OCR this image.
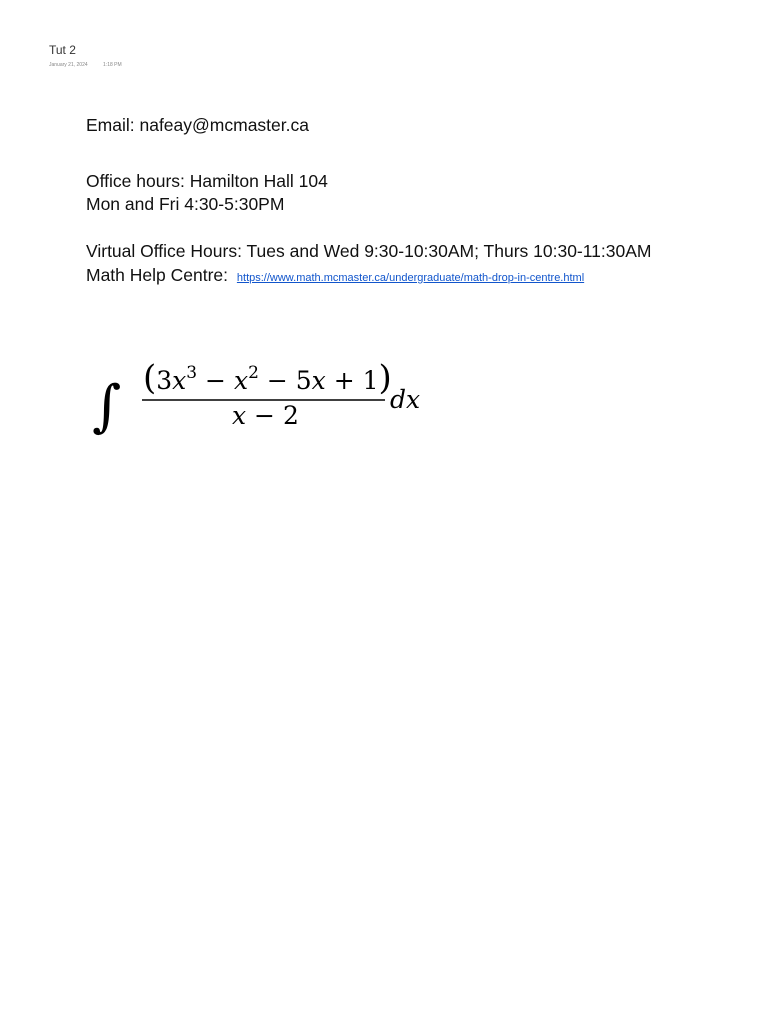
Tut 2
January 21, 2024	1:18 PM
Email: nafeay@mcmaster.ca
Office hours: Hamilton Hall 104
Mon and Fri 4:30-5:30PM
Virtual Office Hours: Tues and Wed 9:30-10:30AM; Thurs 10:30-11:30AM
Math Help Centre: https://www.math.mcmaster.ca/undergraduate/math-drop-in-centre.html
∫ $(3x^3 - x^2 - 5x + 1)$
x − 2
dx
